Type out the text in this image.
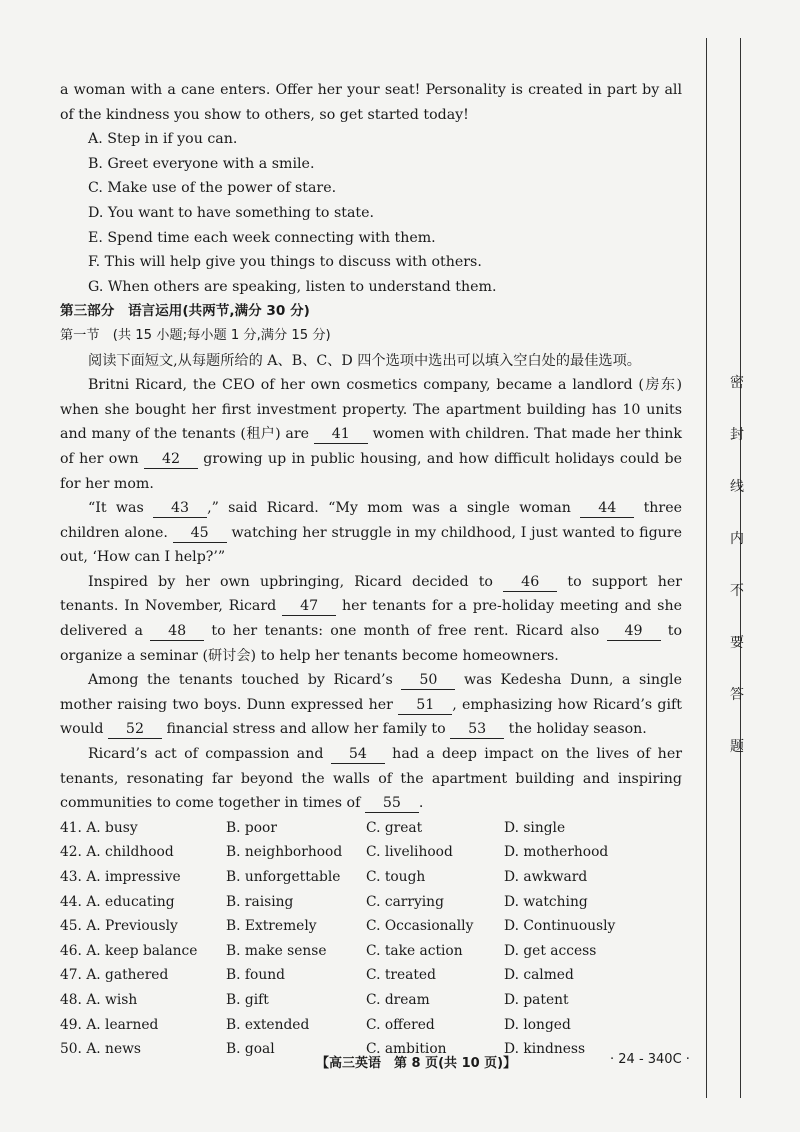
a woman with a cane enters. Offer her your seat! Personality is created in part by all of the kindness you show to others, so get started today!

A. Step in if you can.

B. Greet everyone with a smile.

C. Make use of the power of stare.

D. You want to have something to state.

E. Spend time each week connecting with them.

F. This will help give you things to discuss with others.

G. When others are speaking, listen to understand them.

第三部分　语言运用(共两节,满分 30 分)

第一节　(共 15 小题;每小题 1 分,满分 15 分)

阅读下面短文,从每题所给的 A、B、C、D 四个选项中选出可以填入空白处的最佳选项。

Britni Ricard, the CEO of her own cosmetics company, became a landlord (房东) when she bought her first investment property. The apartment building has 10 units and many of the tenants (租户) are 41 women with children. That made her think of her own 42 growing up in public housing, and how difficult holidays could be for her mom.

“It was 43 ,” said Ricard. “My mom was a single woman 44 three children alone. 45 watching her struggle in my childhood, I just wanted to figure out, ‘How can I help?’”

Inspired by her own upbringing, Ricard decided to 46 to support her tenants. In November, Ricard 47 her tenants for a pre-holiday meeting and she delivered a 48 to her tenants: one month of free rent. Ricard also 49 to organize a seminar (研讨会) to help her tenants become homeowners.

Among the tenants touched by Ricard’s 50 was Kedesha Dunn, a single mother raising two boys. Dunn expressed her 51 , emphasizing how Ricard’s gift would 52 financial stress and allow her family to 53 the holiday season.

Ricard’s act of compassion and 54 had a deep impact on the lives of her tenants, resonating far beyond the walls of the apartment building and inspiring communities to come together in times of 55 .

41. A. busy	B. poor	C. great	D. single
42. A. childhood	B. neighborhood	C. livelihood	D. motherhood
43. A. impressive	B. unforgettable	C. tough	D. awkward
44. A. educating	B. raising	C. carrying	D. watching
45. A. Previously	B. Extremely	C. Occasionally	D. Continuously
46. A. keep balance	B. make sense	C. take action	D. get access
47. A. gathered	B. found	C. treated	D. calmed
48. A. wish	B. gift	C. dream	D. patent
49. A. learned	B. extended	C. offered	D. longed
50. A. news	B. goal	C. ambition	D. kindness
【高三英语　第 8 页(共 10 页)】	· 24 - 340C ·
密
封
线
内
不
要
答
题
